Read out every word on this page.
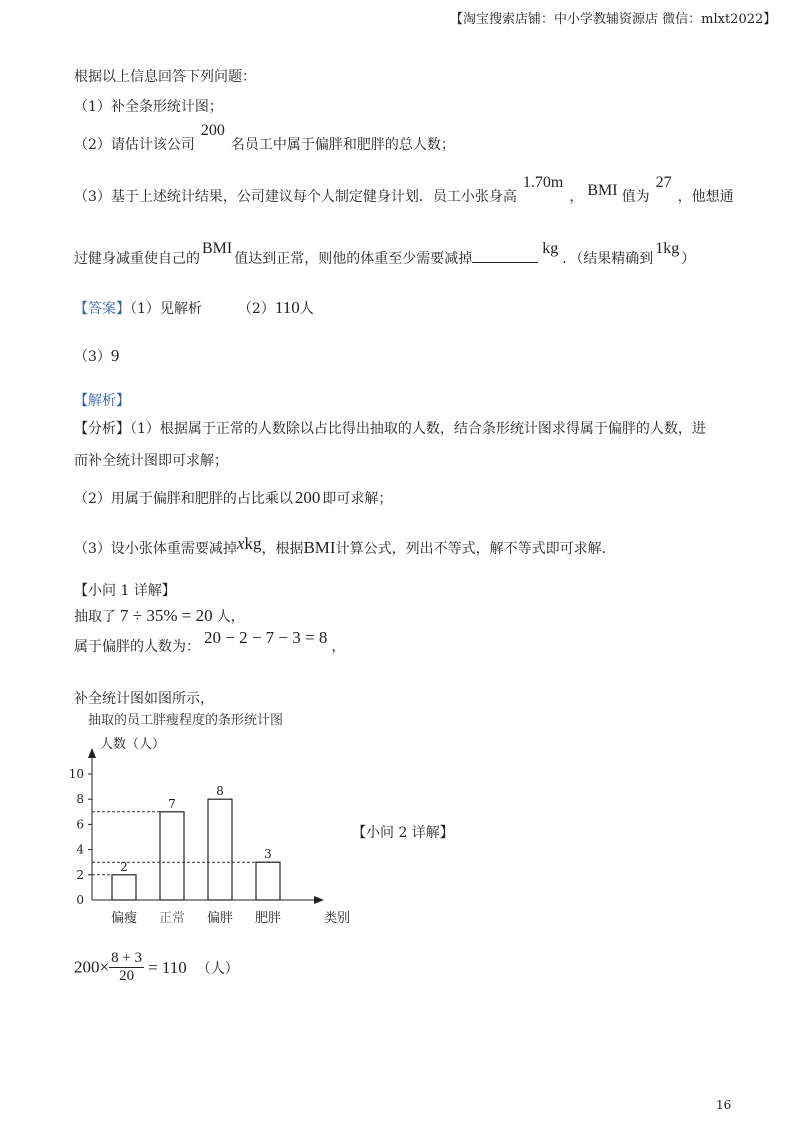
【淘宝搜索店铺：中小学教辅资源店 微信：mlxt2022】
根据以上信息回答下列问题：
（1）补全条形统计图；
（2）请估计该公司200名员工中属于偏胖和肥胖的总人数；
（3）基于上述统计结果，公司建议每个人制定健身计划．员工小张身高1.70m， BMI 值为27，他想通
过健身减重使自己的BMI值达到正常，则他的体重至少需要减掉kg．（结果精确到1kg）
【答案】（1）见解析	（2）110人
（3）9
【解析】
【分析】（1）根据属于正常的人数除以占比得出抽取的人数，结合条形统计图求得属于偏胖的人数，进
而补全统计图即可求解；
（2）用属于偏胖和肥胖的占比乘以 200 即可求解；
（3）设小张体重需要减掉xkg，根据BMI计算公式，列出不等式，解不等式即可求解．
【小问 1 详解】
抽取了 7 ÷ 35% = 20 人，
属于偏胖的人数为： 20 − 2 − 7 − 3 = 8 ，
补全统计图如图所示，
抽取的员工胖瘦程度的条形统计图
人数（人）
类别
0
2
4
6
8
10
2
偏瘦
7
正常
8
偏胖
3
肥胖
【小问 2 详解】
$200\times \frac{8 + 3}{20} = 110$ （人）
16
